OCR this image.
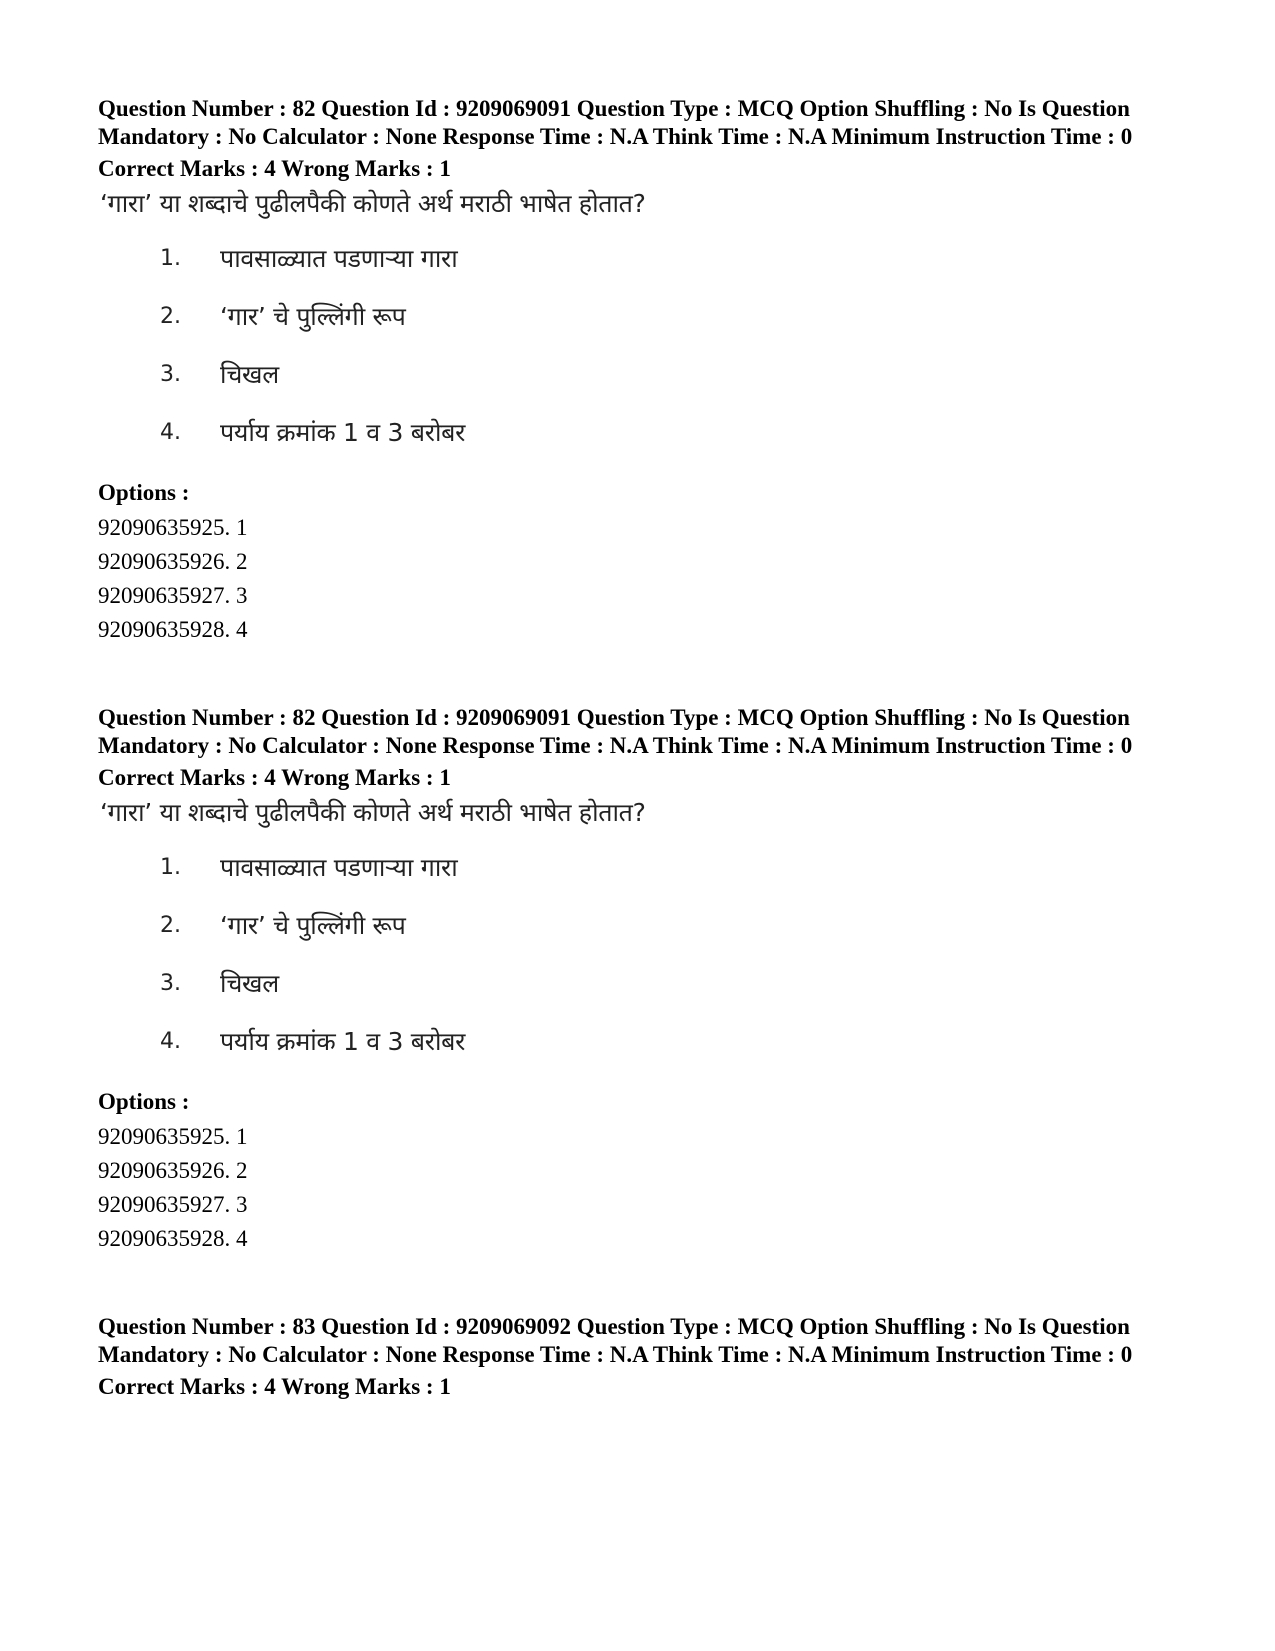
Question Number : 82 Question Id : 9209069091 Question Type : MCQ Option Shuffling : No Is Question Mandatory : No Calculator : None Response Time : N.A Think Time : N.A Minimum Instruction Time : 0

Correct Marks : 4 Wrong Marks : 1

‘गारा’ या शब्दाचे पुढीलपैकी कोणते अर्थ मराठी भाषेत होतात?

1.	पावसाळ्यात पडणाऱ्या गारा
2.	‘गार’ चे पुल्लिंगी रूप
3.	चिखल
4.	पर्याय क्रमांक 1 व 3 बरोबर

Options :

92090635925. 1

92090635926. 2

92090635927. 3

92090635928. 4

Question Number : 82 Question Id : 9209069091 Question Type : MCQ Option Shuffling : No Is Question Mandatory : No Calculator : None Response Time : N.A Think Time : N.A Minimum Instruction Time : 0

Correct Marks : 4 Wrong Marks : 1

‘गारा’ या शब्दाचे पुढीलपैकी कोणते अर्थ मराठी भाषेत होतात?

1.	पावसाळ्यात पडणाऱ्या गारा
2.	‘गार’ चे पुल्लिंगी रूप
3.	चिखल
4.	पर्याय क्रमांक 1 व 3 बरोबर

Options :

92090635925. 1

92090635926. 2

92090635927. 3

92090635928. 4

Question Number : 83 Question Id : 9209069092 Question Type : MCQ Option Shuffling : No Is Question Mandatory : No Calculator : None Response Time : N.A Think Time : N.A Minimum Instruction Time : 0

Correct Marks : 4 Wrong Marks : 1
